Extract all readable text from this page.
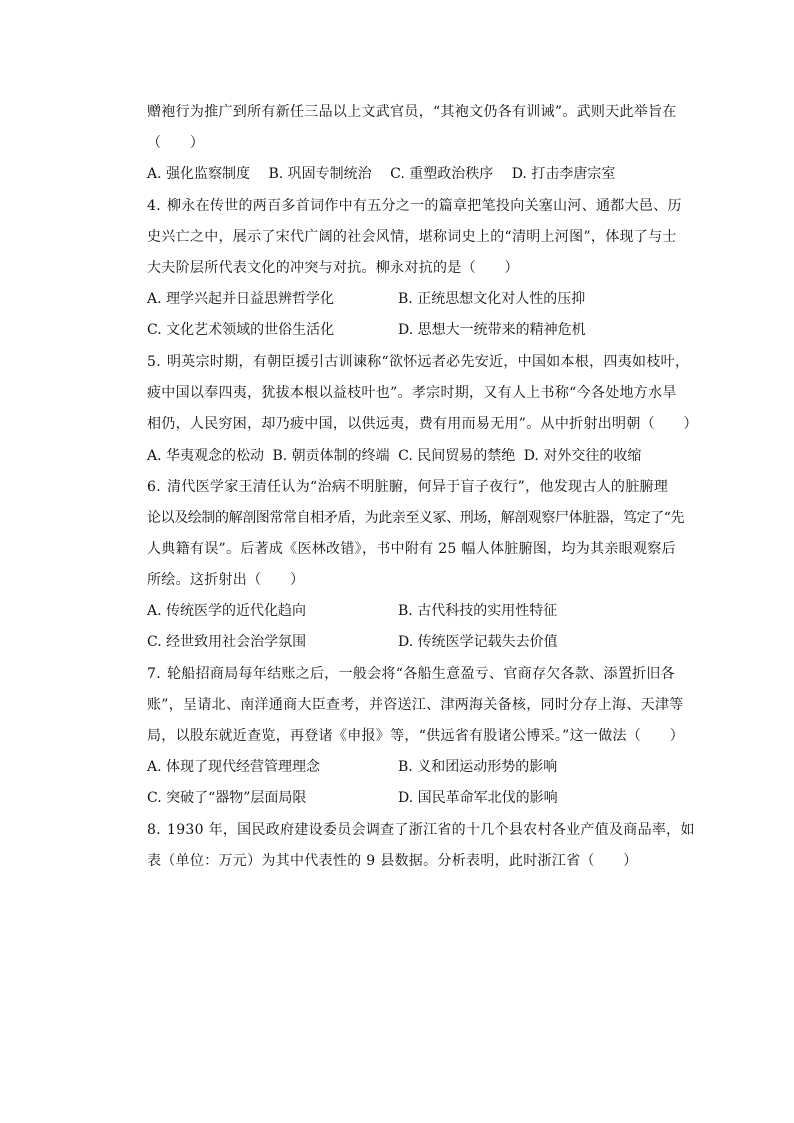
赠袍行为推广到所有新任三品以上文武官员，“其袍文仍各有训诫”。武则天此举旨在
（　　）
A. 强化监察制度 B. 巩固专制统治 C. 重塑政治秩序 D. 打击李唐宗室
4. 柳永在传世的两百多首词作中有五分之一的篇章把笔投向关塞山河、通都大邑、历
史兴亡之中，展示了宋代广阔的社会风情，堪称词史上的“清明上河图”，体现了与士
大夫阶层所代表文化的冲突与对抗。柳永对抗的是（　　）
A. 理学兴起并日益思辨哲学化	B. 正统思想文化对人性的压抑
C. 文化艺术领域的世俗生活化	D. 思想大一统带来的精神危机
5. 明英宗时期，有朝臣援引古训谏称“欲怀远者必先安近，中国如本根，四夷如枝叶，
疲中国以奉四夷，犹拔本根以益枝叶也”。孝宗时期，又有人上书称“今各处地方水旱
相仍，人民穷困，却乃疲中国，以供远夷，费有用而易无用”。从中折射出明朝（　　）
A. 华夷观念的松动 B. 朝贡体制的终端 C. 民间贸易的禁绝 D. 对外交往的收缩
6. 清代医学家王清任认为“治病不明脏腑，何异于盲子夜行”，他发现古人的脏腑理
论以及绘制的解剖图常常自相矛盾，为此亲至义冢、刑场，解剖观察尸体脏器，笃定了“先
人典籍有误”。后著成《医林改错》，书中附有 25 幅人体脏腑图，均为其亲眼观察后
所绘。这折射出（　　）
A. 传统医学的近代化趋向	B. 古代科技的实用性特征
C. 经世致用社会治学氛围	D. 传统医学记载失去价值
7. 轮船招商局每年结账之后，一般会将“各船生意盈亏、官商存欠各款、添置折旧各
账”，呈请北、南洋通商大臣查考，并咨送江、津两海关备核，同时分存上海、天津等
局，以股东就近查览，再登诸《申报》等，“供远省有股诸公博采。”这一做法（　　）
A. 体现了现代经营管理理念	B. 义和团运动形势的影响
C. 突破了“器物”层面局限	D. 国民革命军北伐的影响
8. 1930 年，国民政府建设委员会调查了浙江省的十几个县农村各业产值及商品率，如
表（单位：万元）为其中代表性的 9 县数据。分析表明，此时浙江省（　　）
